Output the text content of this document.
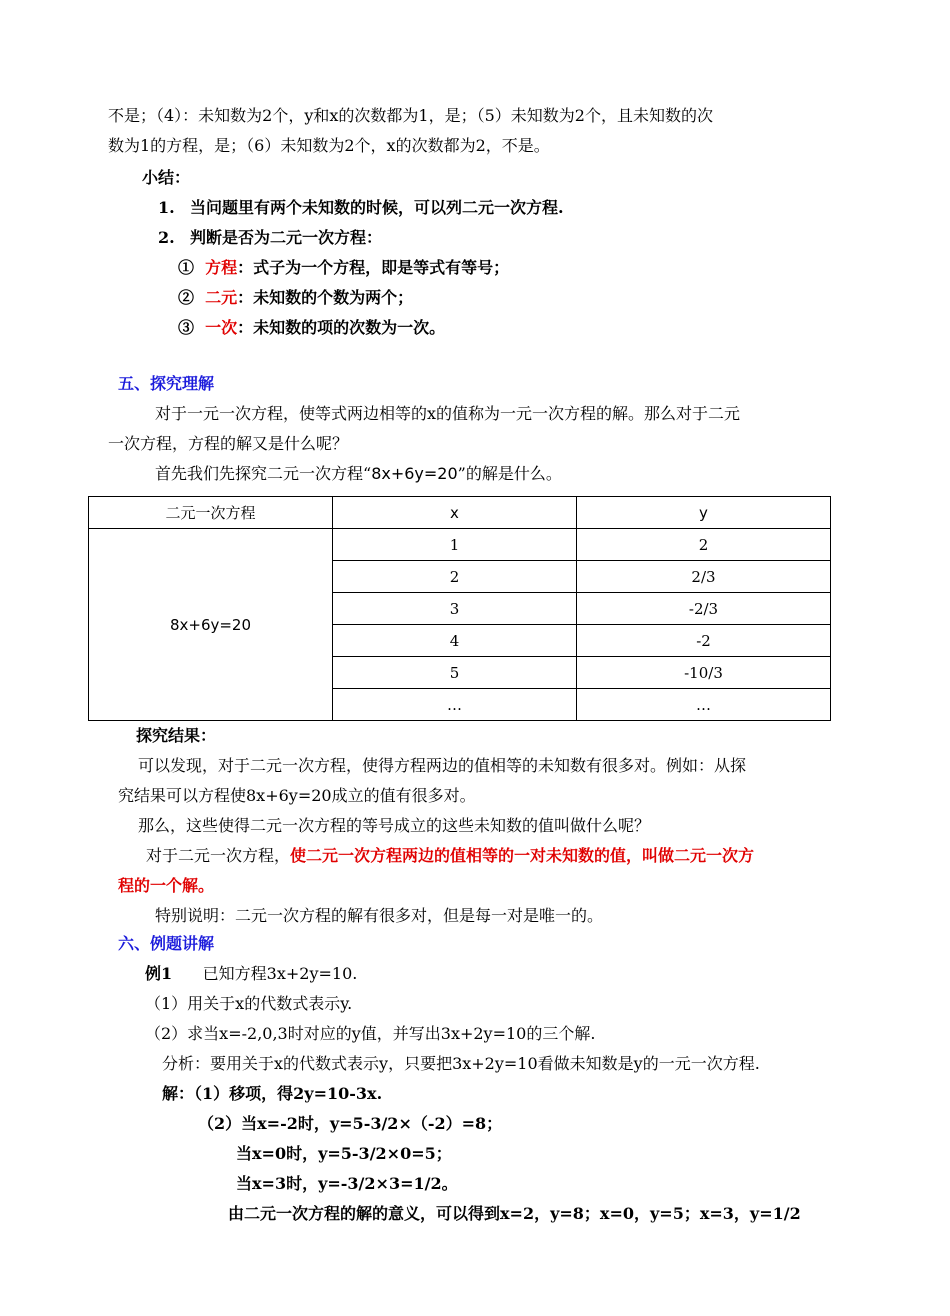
不是；（4）：未知数为2个，y和x的次数都为1，是；（5）未知数为2个，且未知数的次
数为1的方程，是；（6）未知数为2个，x的次数都为2，不是。
小结：
1. 当问题里有两个未知数的时候，可以列二元一次方程.
2. 判断是否为二元一次方程：
① 方程：式子为一个方程，即是等式有等号；
② 二元：未知数的个数为两个；
③ 一次：未知数的项的次数为一次。
五、探究理解
对于一元一次方程，使等式两边相等的x的值称为一元一次方程的解。那么对于二元
一次方程，方程的解又是什么呢？
首先我们先探究二元一次方程“8x+6y=20”的解是什么。
二元一次方程	x	y
8x+6y=20	1	2
	2	2/3
	3	-2/3
	4	-2
	5	-10/3
	…	…
探究结果：
可以发现，对于二元一次方程，使得方程两边的值相等的未知数有很多对。例如：从探
究结果可以方程使8x+6y=20成立的值有很多对。
那么，这些使得二元一次方程的等号成立的这些未知数的值叫做什么呢？
对于二元一次方程，使二元一次方程两边的值相等的一对未知数的值，叫做二元一次方
程的一个解。
特别说明：二元一次方程的解有很多对，但是每一对是唯一的。
六、例题讲解
例1 已知方程3x+2y=10.
（1）用关于x的代数式表示y.
（2）求当x=-2,0,3时对应的y值，并写出3x+2y=10的三个解.
分析：要用关于x的代数式表示y，只要把3x+2y=10看做未知数是y的一元一次方程.
解：（1）移项，得2y=10-3x.
（2）当x=-2时，y=5-3/2×（-2）=8；
当x=0时，y=5-3/2×0=5；
当x=3时，y=-3/2×3=1/2。
由二元一次方程的解的意义，可以得到x=2，y=8；x=0，y=5；x=3，y=1/2
